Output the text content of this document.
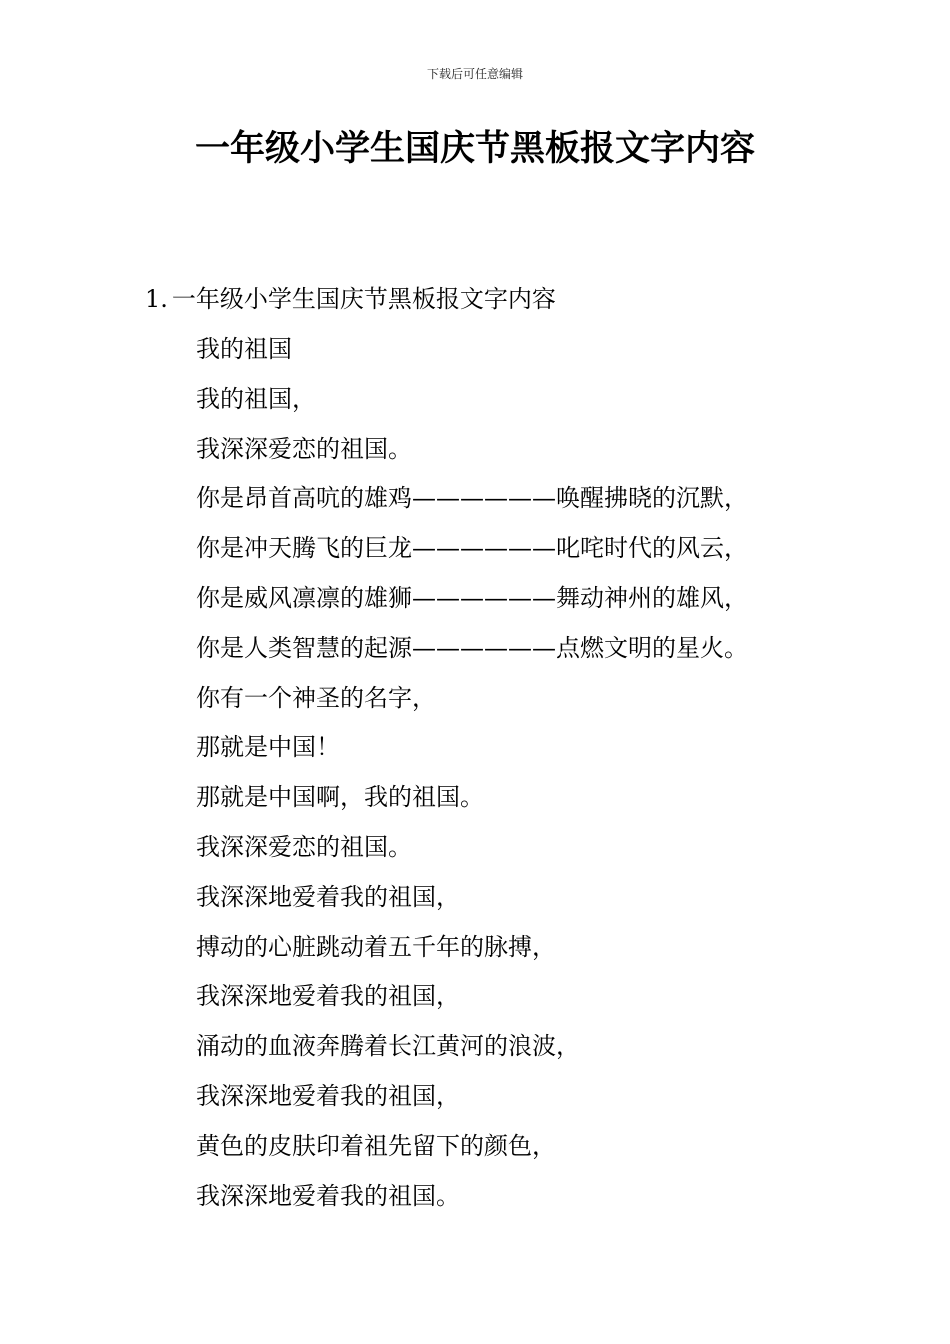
下载后可任意编辑
一年级小学生国庆节黑板报文字内容
1. 一年级小学生国庆节黑板报文字内容
我的祖国
我的祖国，
我深深爱恋的祖国。
你是昂首高吭的雄鸡——————唤醒拂晓的沉默，
你是冲天腾飞的巨龙——————叱咤时代的风云，
你是威风凛凛的雄狮——————舞动神州的雄风，
你是人类智慧的起源——————点燃文明的星火。
你有一个神圣的名字，
那就是中国！
那就是中国啊，我的祖国。
我深深爱恋的祖国。
我深深地爱着我的祖国，
搏动的心脏跳动着五千年的脉搏，
我深深地爱着我的祖国，
涌动的血液奔腾着长江黄河的浪波，
我深深地爱着我的祖国，
黄色的皮肤印着祖先留下的颜色，
我深深地爱着我的祖国。
